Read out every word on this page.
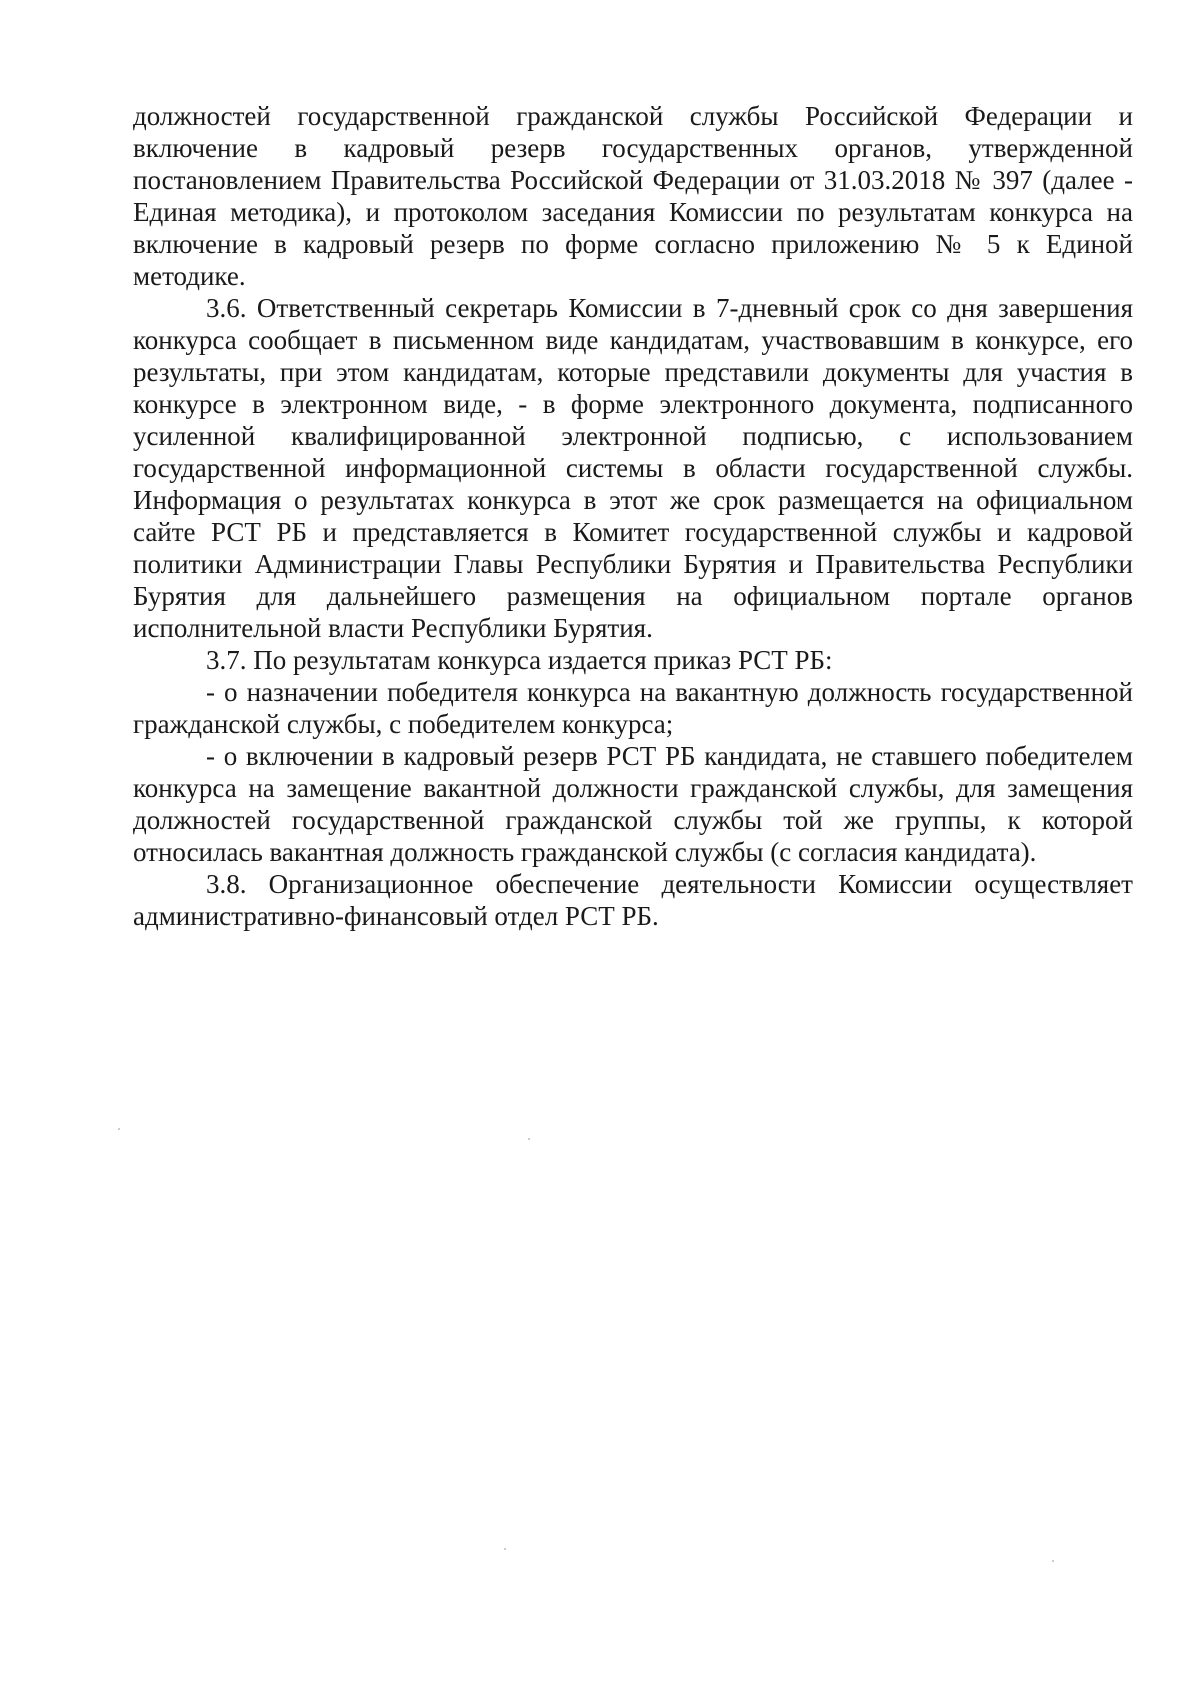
должностей государственной гражданской службы Российской Федерации и включение в кадровый резерв государственных органов, утвержденной постановлением Правительства Российской Федерации от 31.03.2018 № 397 (далее - Единая методика), и протоколом заседания Комиссии по результатам конкурса на включение в кадровый резерв по форме согласно приложению № 5 к Единой методике.

3.6. Ответственный секретарь Комиссии в 7-дневный срок со дня завершения конкурса сообщает в письменном виде кандидатам, участвовавшим в конкурсе, его результаты, при этом кандидатам, которые представили документы для участия в конкурсе в электронном виде, - в форме электронного документа, подписанного усиленной квалифицированной электронной подписью, с использованием государственной информационной системы в области государственной службы. Информация о результатах конкурса в этот же срок размещается на официальном сайте РСТ РБ и представляется в Комитет государственной службы и кадровой политики Администрации Главы Республики Бурятия и Правительства Республики Бурятия для дальнейшего размещения на официальном портале органов исполнительной власти Республики Бурятия.

3.7. По результатам конкурса издается приказ РСТ РБ:

- о назначении победителя конкурса на вакантную должность государственной гражданской службы, с победителем конкурса;

- о включении в кадровый резерв РСТ РБ кандидата, не ставшего победителем конкурса на замещение вакантной должности гражданской службы, для замещения должностей государственной гражданской службы той же группы, к которой относилась вакантная должность гражданской службы (с согласия кандидата).

3.8. Организационное обеспечение деятельности Комиссии осуществляет административно-финансовый отдел РСТ РБ.
